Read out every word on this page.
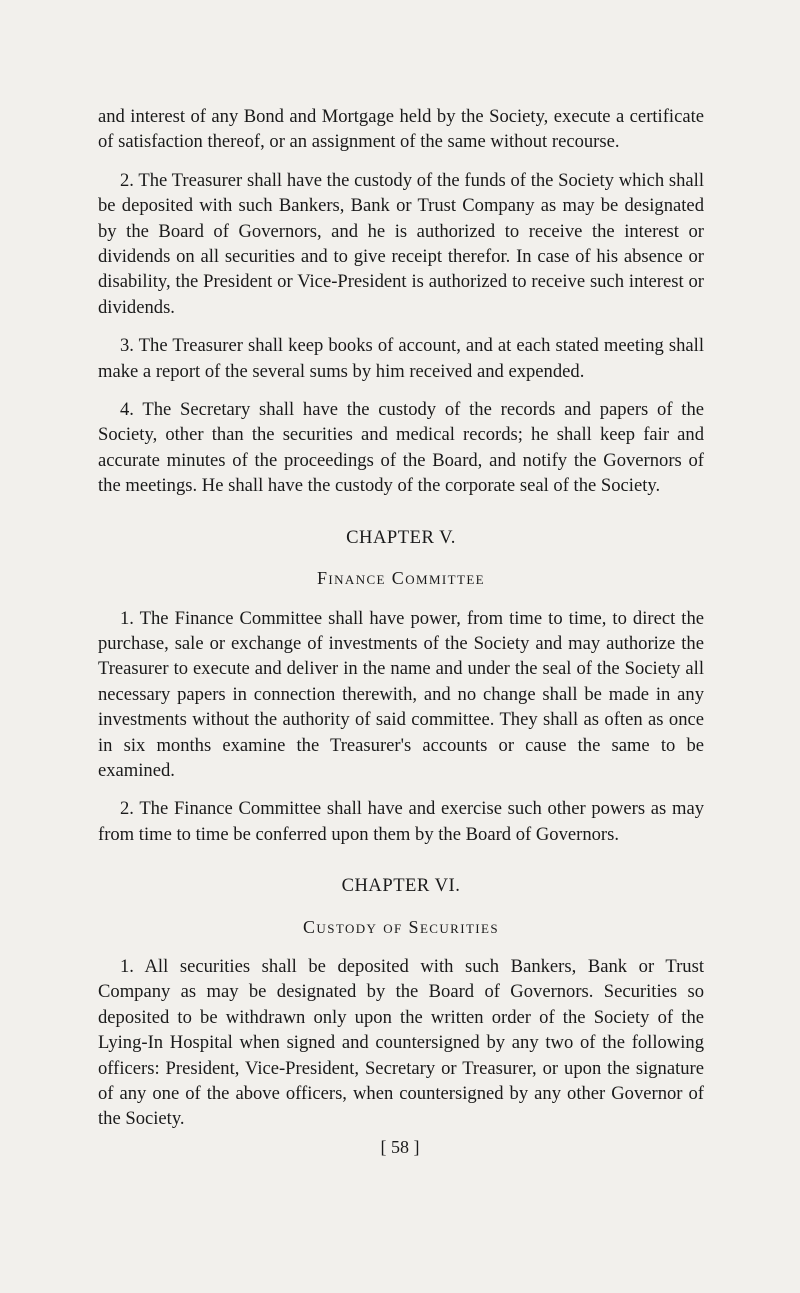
and interest of any Bond and Mortgage held by the Society, execute a certificate of satisfaction thereof, or an assignment of the same without recourse.

2. The Treasurer shall have the custody of the funds of the Society which shall be deposited with such Bankers, Bank or Trust Company as may be designated by the Board of Governors, and he is authorized to receive the interest or dividends on all securities and to give receipt therefor. In case of his absence or disability, the President or Vice-President is authorized to receive such interest or dividends.

3. The Treasurer shall keep books of account, and at each stated meeting shall make a report of the several sums by him received and expended.

4. The Secretary shall have the custody of the records and papers of the Society, other than the securities and medical records; he shall keep fair and accurate minutes of the proceedings of the Board, and notify the Governors of the meetings. He shall have the custody of the corporate seal of the Society.

CHAPTER V.
Finance Committee

1. The Finance Committee shall have power, from time to time, to direct the purchase, sale or exchange of investments of the Society and may authorize the Treasurer to execute and deliver in the name and under the seal of the Society all necessary papers in connection therewith, and no change shall be made in any investments without the authority of said committee. They shall as often as once in six months examine the Treasurer's accounts or cause the same to be examined.

2. The Finance Committee shall have and exercise such other powers as may from time to time be conferred upon them by the Board of Governors.

CHAPTER VI.
Custody of Securities

1. All securities shall be deposited with such Bankers, Bank or Trust Company as may be designated by the Board of Governors. Securities so deposited to be withdrawn only upon the written order of the Society of the Lying-In Hospital when signed and countersigned by any two of the following officers: President, Vice-President, Secretary or Treasurer, or upon the signature of any one of the above officers, when countersigned by any other Governor of the Society.

[ 58 ]
